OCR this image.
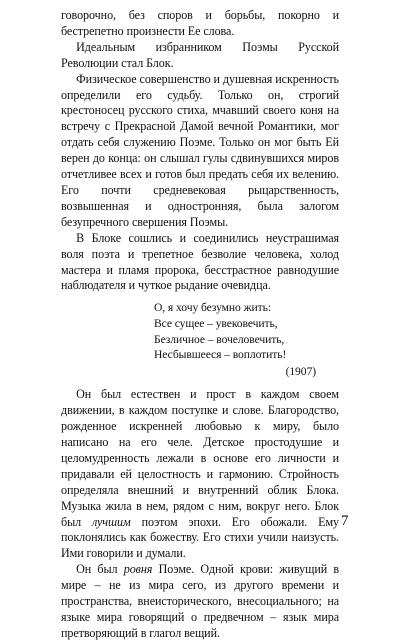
говорочно, без споров и борьбы, покорно и бестрепетно произнести Ее слова.

Идеальным избранником Поэмы Русской Революции стал Блок.

Физическое совершенство и душевная искренность определили его судьбу. Только он, строгий крестоносец русского стиха, мчавший своего коня на встречу с Прекрасной Дамой вечной Романтики, мог отдать себя служению Поэме. Только он мог быть Ей верен до конца: он слышал гулы сдвинувшихся миров отчетливее всех и готов был предать себя их велению. Его почти средневековая рыцарственность, возвышенная и одностронняя, была залогом безупречного свершения Поэмы.

В Блоке сошлись и соединились неустрашимая воля поэта и трепетное безволие человека, холод мастера и пламя пророка, бесстрастное равнодушие наблюдателя и чуткое рыдание очевидца.

О, я хочу безумно жить:
Все сущее – увековечить,
Безличное – вочеловечить,
Несбывшееся – воплотить!
(1907)

Он был естествен и прост в каждом своем движении, в каждом поступке и слове. Благородство, рожденное искренней любовью к миру, было написано на его челе. Детское простодушие и целомудренность лежали в основе его личности и придавали ей целостность и гармонию. Стройность определяла внешний и внутренний облик Блока. Музыка жила в нем, рядом с ним, вокруг него. Блок был лучшим поэтом эпохи. Его обожали. Ему поклонялись как божеству. Его стихи учили наизусть. Ими говорили и думали.

Он был ровня Поэме. Одной крови: живущий в мире – не из мира сего, из другого времени и пространства, внеисторического, внесоциального; на языке мира говорящий о предвечном – язык мира претворяющий в глагол вещий.

7
